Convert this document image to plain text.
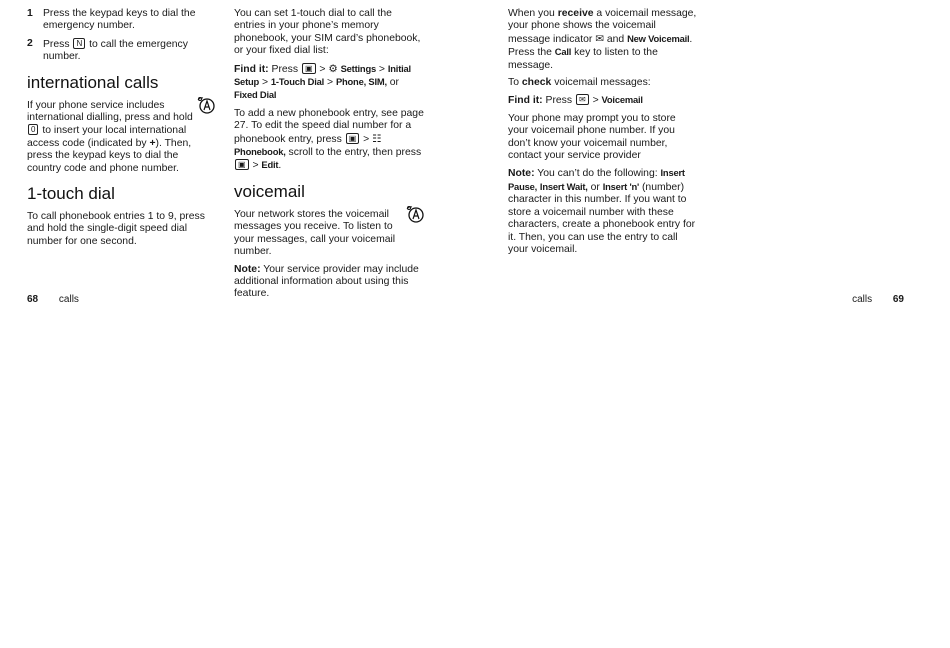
1 Press the keypad keys to dial the emergency number.
2 Press N to call the emergency number.
international calls

If your phone service includes international dialling, press and hold 0 to insert your local international access code (indicated by +). Then, press the keypad keys to dial the country code and phone number.

1-touch dial

To call phonebook entries 1 to 9, press and hold the single-digit speed dial number for one second.

You can set 1-touch dial to call the entries in your phone’s memory phonebook, your SIM card’s phonebook, or your fixed dial list:

Find it: Press ▣ > ⚙ Settings > Initial Setup > 1-Touch Dial > Phone, SIM, or Fixed Dial

To add a new phonebook entry, see page 27. To edit the speed dial number for a phonebook entry, press ▣ > ☷ Phonebook, scroll to the entry, then press ▣ > Edit.

voicemail

Your network stores the voicemail messages you receive. To listen to your messages, call your voicemail number.

Note: Your service provider may include additional information about using this feature.

When you receive a voicemail message, your phone shows the voicemail message indicator ✉ and New Voicemail. Press the Call key to listen to the message.

To check voicemail messages:

Find it: Press ✉ > Voicemail

Your phone may prompt you to store your voicemail phone number. If you don’t know your voicemail number, contact your service provider

Note: You can’t do the following: Insert Pause, Insert Wait, or Insert 'n' (number) character in this number. If you want to store a voicemail number with these characters, create a phonebook entry for it. Then, you can use the entry to call your voicemail.

68 calls	calls 69
